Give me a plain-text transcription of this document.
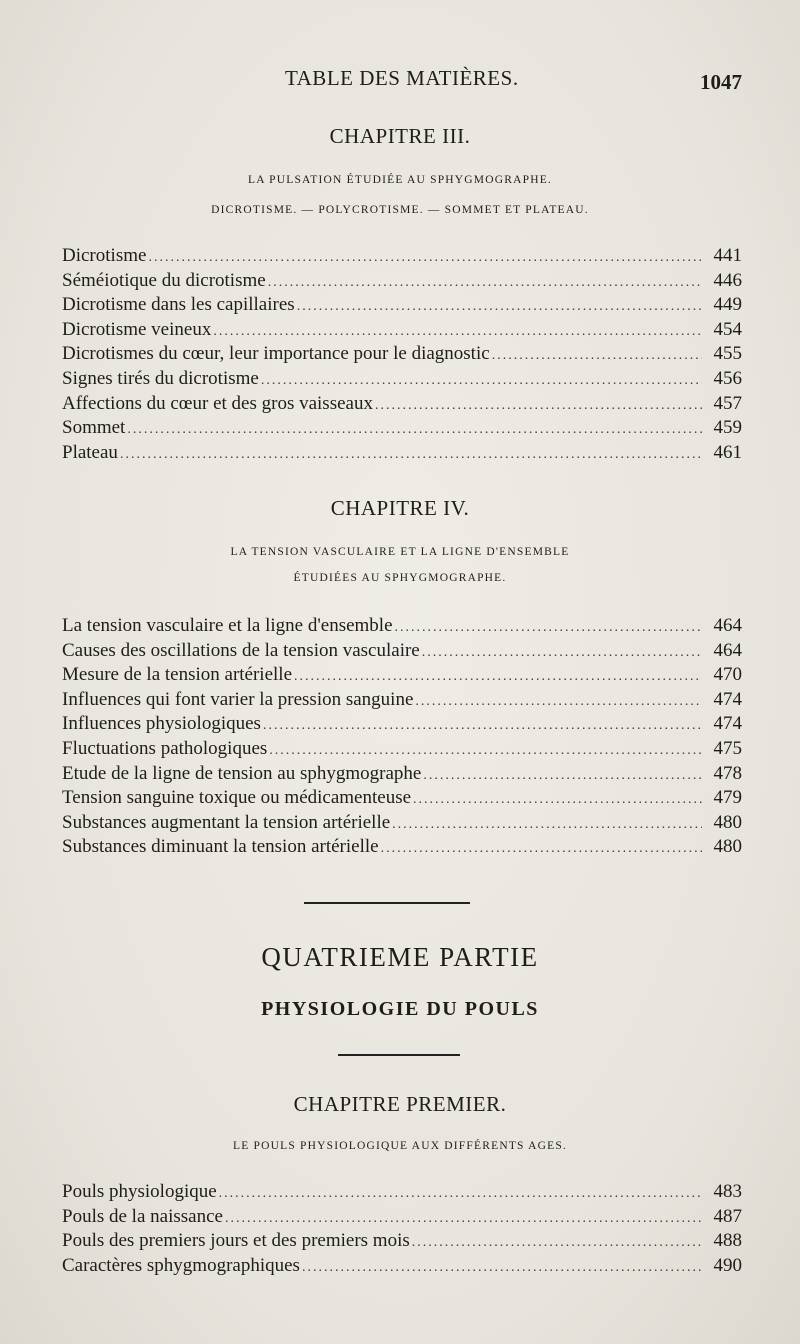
TABLE DES MATIÈRES.	1047

CHAPITRE III.

LA PULSATION ÉTUDIÉE AU SPHYGMOGRAPHE.

DICROTISME. — POLYCROTISME. — SOMMET ET PLATEAU.

Dicrotisme .....	441
Séméiotique du dicrotisme .....	446
Dicrotisme dans les capillaires .....	449
Dicrotisme veineux .....	454
Dicrotismes du cœur, leur importance pour le diagnostic .....	455
Signes tirés du dicrotisme .....	456
Affections du cœur et des gros vaisseaux .....	457
Sommet .....	459
Plateau .....	461

CHAPITRE IV.

LA TENSION VASCULAIRE ET LA LIGNE D'ENSEMBLE

ÉTUDIÉES AU SPHYGMOGRAPHE.

La tension vasculaire et la ligne d'ensemble .....	464
Causes des oscillations de la tension vasculaire .....	464
Mesure de la tension artérielle .....	470
Influences qui font varier la pression sanguine .....	474
Influences physiologiques .....	474
Fluctuations pathologiques .....	475
Etude de la ligne de tension au sphygmographe .....	478
Tension sanguine toxique ou médicamenteuse .....	479
Substances augmentant la tension artérielle .....	480
Substances diminuant la tension artérielle .....	480

QUATRIEME PARTIE

PHYSIOLOGIE DU POULS

CHAPITRE PREMIER.

LE POULS PHYSIOLOGIQUE AUX DIFFÉRENTS AGES.

Pouls physiologique .....	483
Pouls de la naissance .....	487
Pouls des premiers jours et des premiers mois .....	488
Caractères sphygmographiques .....	490
